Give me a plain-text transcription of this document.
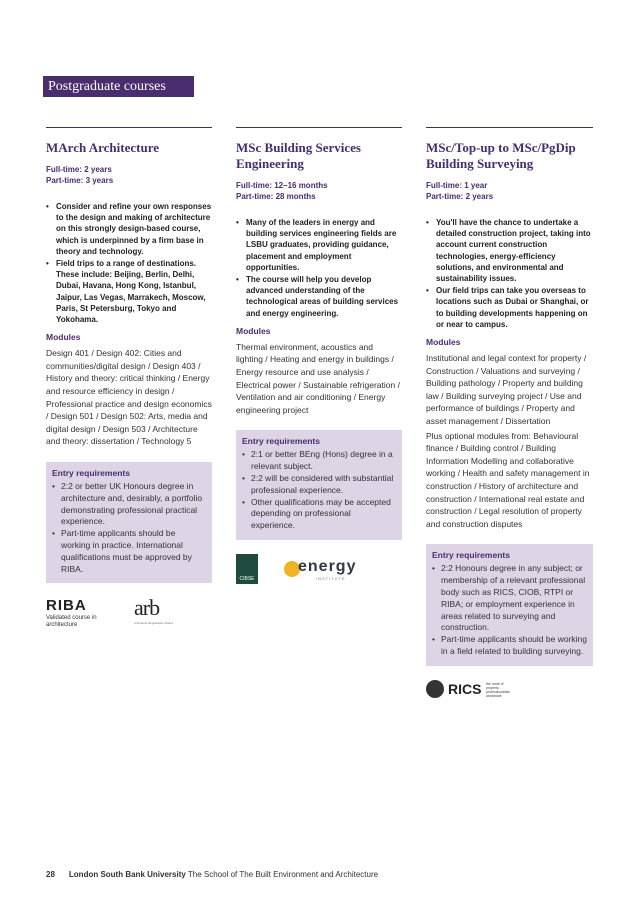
Postgraduate courses
MArch Architecture
Full-time: 2 years
Part-time: 3 years
• Consider and refine your own responses to the design and making of architecture on this strongly design-based course, which is underpinned by a firm base in theory and technology.
• Field trips to a range of destinations. These include: Beijing, Berlin, Delhi, Dubai, Havana, Hong Kong, Istanbul, Jaipur, Las Vegas, Marrakech, Moscow, Paris, St Petersburg, Tokyo and Yokohama.
Modules
Design 401 / Design 402: Cities and communities/digital design / Design 403 / History and theory: critical thinking / Energy and resource efficiency in design / Professional practice and design economics / Design 501 / Design 502: Arts, media and digital design / Design 503 / Architecture and theory: dissertation / Technology 5
Entry requirements
• 2:2 or better UK Honours degree in architecture and, desirably, a portfolio demonstrating professional practical experience.
• Part-time applicants should be working in practice. International qualifications must be approved by RIBA.
RIBA
Validated course in architecture
arb
Architects Registration Board
MSc Building Services Engineering
Full-time: 12–16 months
Part-time: 28 months
• Many of the leaders in energy and building services engineering fields are LSBU graduates, providing guidance, placement and employment opportunities.
• The course will help you develop advanced understanding of the technological areas of building services and energy engineering.
Modules
Thermal environment, acoustics and lighting / Heating and energy in buildings / Energy resource and use analysis / Electrical power / Sustainable refrigeration / Ventilation and air conditioning / Energy engineering project
Entry requirements
• 2:1 or better BEng (Hons) degree in a relevant subject.
• 2:2 will be considered with substantial professional experience.
• Other qualifications may be accepted depending on professional experience.
CIBSE
energy
INSTITUTE
MSc/Top-up to MSc/PgDip Building Surveying
Full-time: 1 year
Part-time: 2 years
• You'll have the chance to undertake a detailed construction project, taking into account current construction technologies, energy-efficiency solutions, and environmental and sustainability issues.
• Our field trips can take you overseas to locations such as Dubai or Shanghai, or to building developments happening on or near to campus.
Modules
Institutional and legal context for property / Construction / Valuations and surveying / Building pathology / Property and building law / Building surveying project / Use and performance of buildings / Property and asset management / Dissertation
Plus optional modules from: Behavioural finance / Building control / Building Information Modelling and collaborative working / Health and safety management in construction / History of architecture and construction / International real estate and construction / Legal resolution of property and construction disputes
Entry requirements
• 2:2 Honours degree in any subject; or membership of a relevant professional body such as RICS, CIOB, RTPI or RIBA; or employment experience in areas related to surveying and construction.
• Part-time applicants should be working in a field related to building surveying.
RICS the mark of property professionalism worldwide
28 London South Bank University The School of The Built Environment and Architecture
